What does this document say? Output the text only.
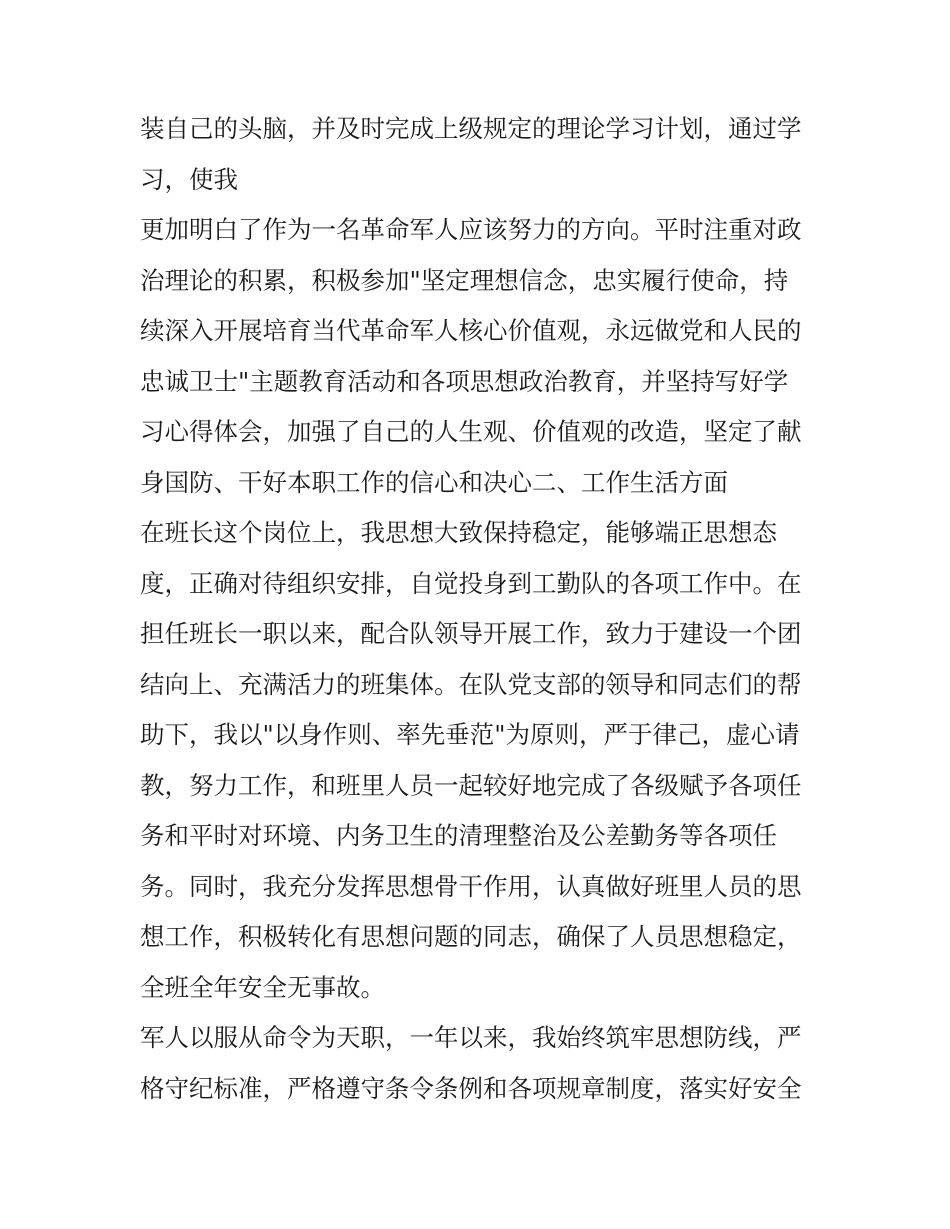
装自己的头脑，并及时完成上级规定的理论学习计划，通过学
习，使我
更加明白了作为一名革命军人应该努力的方向。平时注重对政
治理论的积累，积极参加"坚定理想信念，忠实履行使命，持
续深入开展培育当代革命军人核心价值观，永远做党和人民的
忠诚卫士"主题教育活动和各项思想政治教育，并坚持写好学
习心得体会，加强了自己的人生观、价值观的改造，坚定了献
身国防、干好本职工作的信心和决心二、工作生活方面
在班长这个岗位上，我思想大致保持稳定，能够端正思想态
度，正确对待组织安排，自觉投身到工勤队的各项工作中。在
担任班长一职以来，配合队领导开展工作，致力于建设一个团
结向上、充满活力的班集体。在队党支部的领导和同志们的帮
助下，我以"以身作则、率先垂范"为原则，严于律己，虚心请
教，努力工作，和班里人员一起较好地完成了各级赋予各项任
务和平时对环境、内务卫生的清理整治及公差勤务等各项任
务。同时，我充分发挥思想骨干作用，认真做好班里人员的思
想工作，积极转化有思想问题的同志，确保了人员思想稳定，
全班全年安全无事故。
军人以服从命令为天职，一年以来，我始终筑牢思想防线，严
格守纪标准，严格遵守条令条例和各项规章制度，落实好安全
